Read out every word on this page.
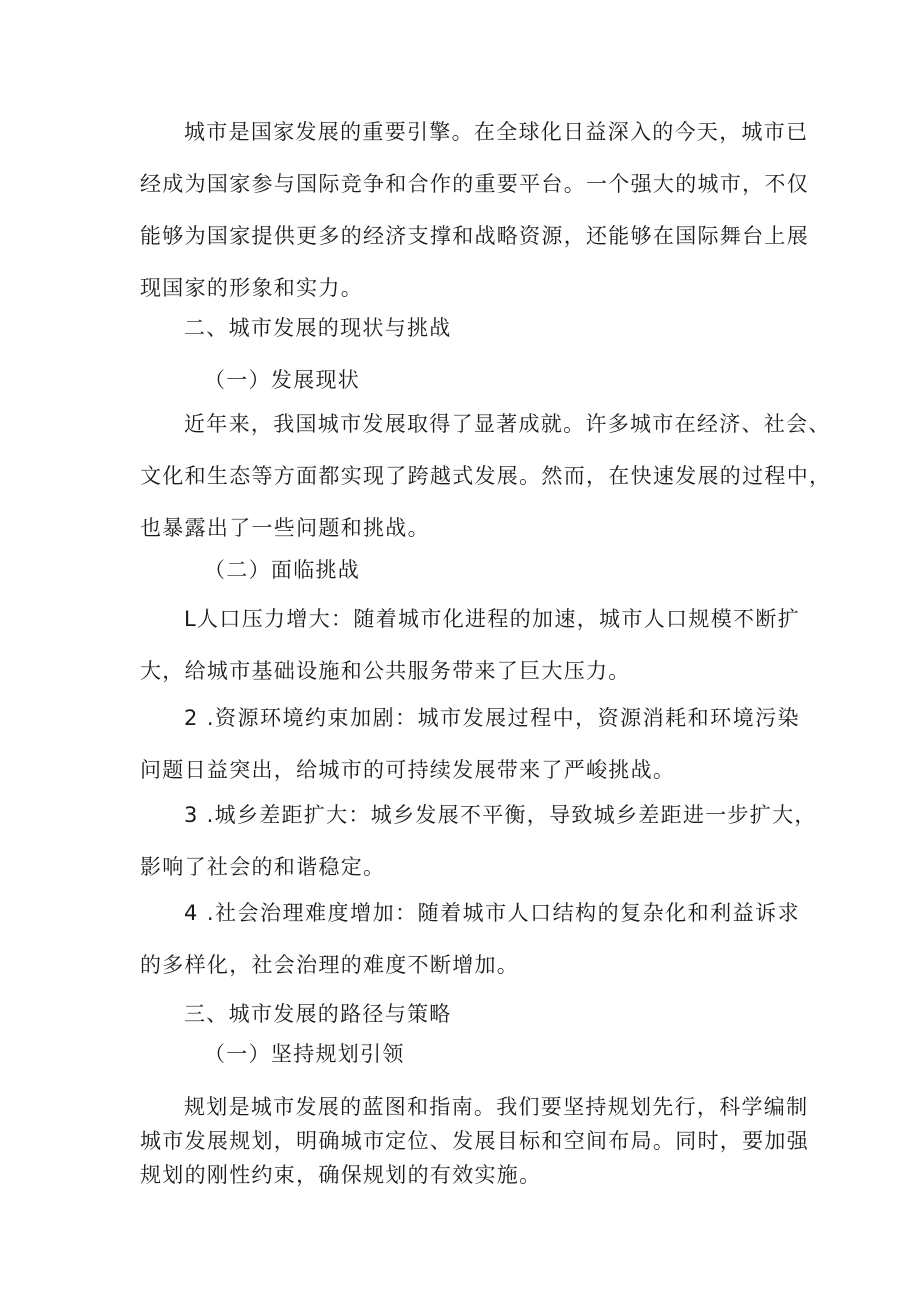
城市是国家发展的重要引擎。在全球化日益深入的今天，城市已
经成为国家参与国际竞争和合作的重要平台。一个强大的城市，不仅
能够为国家提供更多的经济支撑和战略资源，还能够在国际舞台上展
现国家的形象和实力。
二、城市发展的现状与挑战
（一）发展现状
近年来，我国城市发展取得了显著成就。许多城市在经济、社会、
文化和生态等方面都实现了跨越式发展。然而，在快速发展的过程中，
也暴露出了一些问题和挑战。
（二）面临挑战
L人口压力增大：随着城市化进程的加速，城市人口规模不断扩
大，给城市基础设施和公共服务带来了巨大压力。
2 .资源环境约束加剧：城市发展过程中，资源消耗和环境污染
问题日益突出，给城市的可持续发展带来了严峻挑战。
3 .城乡差距扩大：城乡发展不平衡，导致城乡差距进一步扩大，
影响了社会的和谐稳定。
4 .社会治理难度增加：随着城市人口结构的复杂化和利益诉求
的多样化，社会治理的难度不断增加。
三、城市发展的路径与策略
（一）坚持规划引领
规划是城市发展的蓝图和指南。我们要坚持规划先行，科学编制
城市发展规划，明确城市定位、发展目标和空间布局。同时，要加强
规划的刚性约束，确保规划的有效实施。
